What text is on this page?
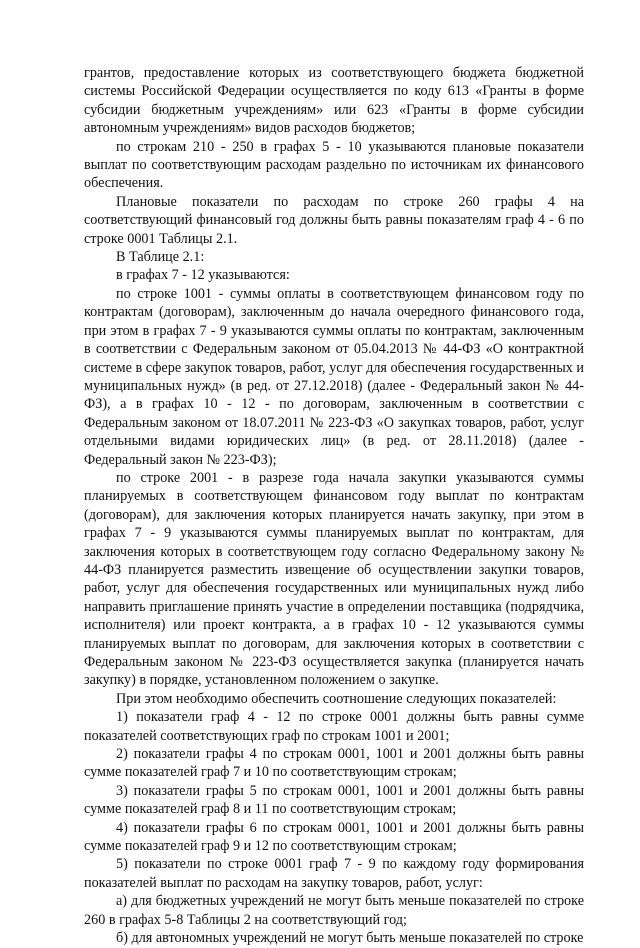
грантов, предоставление которых из соответствующего бюджета бюджетной системы Российской Федерации осуществляется по коду 613 «Гранты в форме субсидии бюджетным учреждениям» или 623 «Гранты в форме субсидии автономным учреждениям» видов расходов бюджетов;

по строкам 210 - 250 в графах 5 - 10 указываются плановые показатели выплат по соответствующим расходам раздельно по источникам их финансового обеспечения.

Плановые показатели по расходам по строке 260 графы 4 на соответствующий финансовый год должны быть равны показателям граф 4 - 6 по строке 0001 Таблицы 2.1.

В Таблице 2.1:

в графах 7 - 12 указываются:

по строке 1001 - суммы оплаты в соответствующем финансовом году по контрактам (договорам), заключенным до начала очередного финансового года, при этом в графах 7 - 9 указываются суммы оплаты по контрактам, заключенным в соответствии с Федеральным законом от 05.04.2013 № 44-ФЗ «О контрактной системе в сфере закупок товаров, работ, услуг для обеспечения государственных и муниципальных нужд» (в ред. от 27.12.2018) (далее - Федеральный закон № 44-ФЗ), а в графах 10 - 12 - по договорам, заключенным в соответствии с Федеральным законом от 18.07.2011 № 223-ФЗ «О закупках товаров, работ, услуг отдельными видами юридических лиц» (в ред. от 28.11.2018) (далее - Федеральный закон № 223-ФЗ);

по строке 2001 - в разрезе года начала закупки указываются суммы планируемых в соответствующем финансовом году выплат по контрактам (договорам), для заключения которых планируется начать закупку, при этом в графах 7 - 9 указываются суммы планируемых выплат по контрактам, для заключения которых в соответствующем году согласно Федеральному закону № 44-ФЗ планируется разместить извещение об осуществлении закупки товаров, работ, услуг для обеспечения государственных или муниципальных нужд либо направить приглашение принять участие в определении поставщика (подрядчика, исполнителя) или проект контракта, а в графах 10 - 12 указываются суммы планируемых выплат по договорам, для заключения которых в соответствии с Федеральным законом № 223-ФЗ осуществляется закупка (планируется начать закупку) в порядке, установленном положением о закупке.

При этом необходимо обеспечить соотношение следующих показателей:

1) показатели граф 4 - 12 по строке 0001 должны быть равны сумме показателей соответствующих граф по строкам 1001 и 2001;

2) показатели графы 4 по строкам 0001, 1001 и 2001 должны быть равны сумме показателей граф 7 и 10 по соответствующим строкам;

3) показатели графы 5 по строкам 0001, 1001 и 2001 должны быть равны сумме показателей граф 8 и 11 по соответствующим строкам;

4) показатели графы 6 по строкам 0001, 1001 и 2001 должны быть равны сумме показателей граф 9 и 12 по соответствующим строкам;

5) показатели по строке 0001 граф 7 - 9 по каждому году формирования показателей выплат по расходам на закупку товаров, работ, услуг:

а) для бюджетных учреждений не могут быть меньше показателей по строке 260 в графах 5-8 Таблицы 2 на соответствующий год;

б) для автономных учреждений не могут быть меньше показателей по строке
